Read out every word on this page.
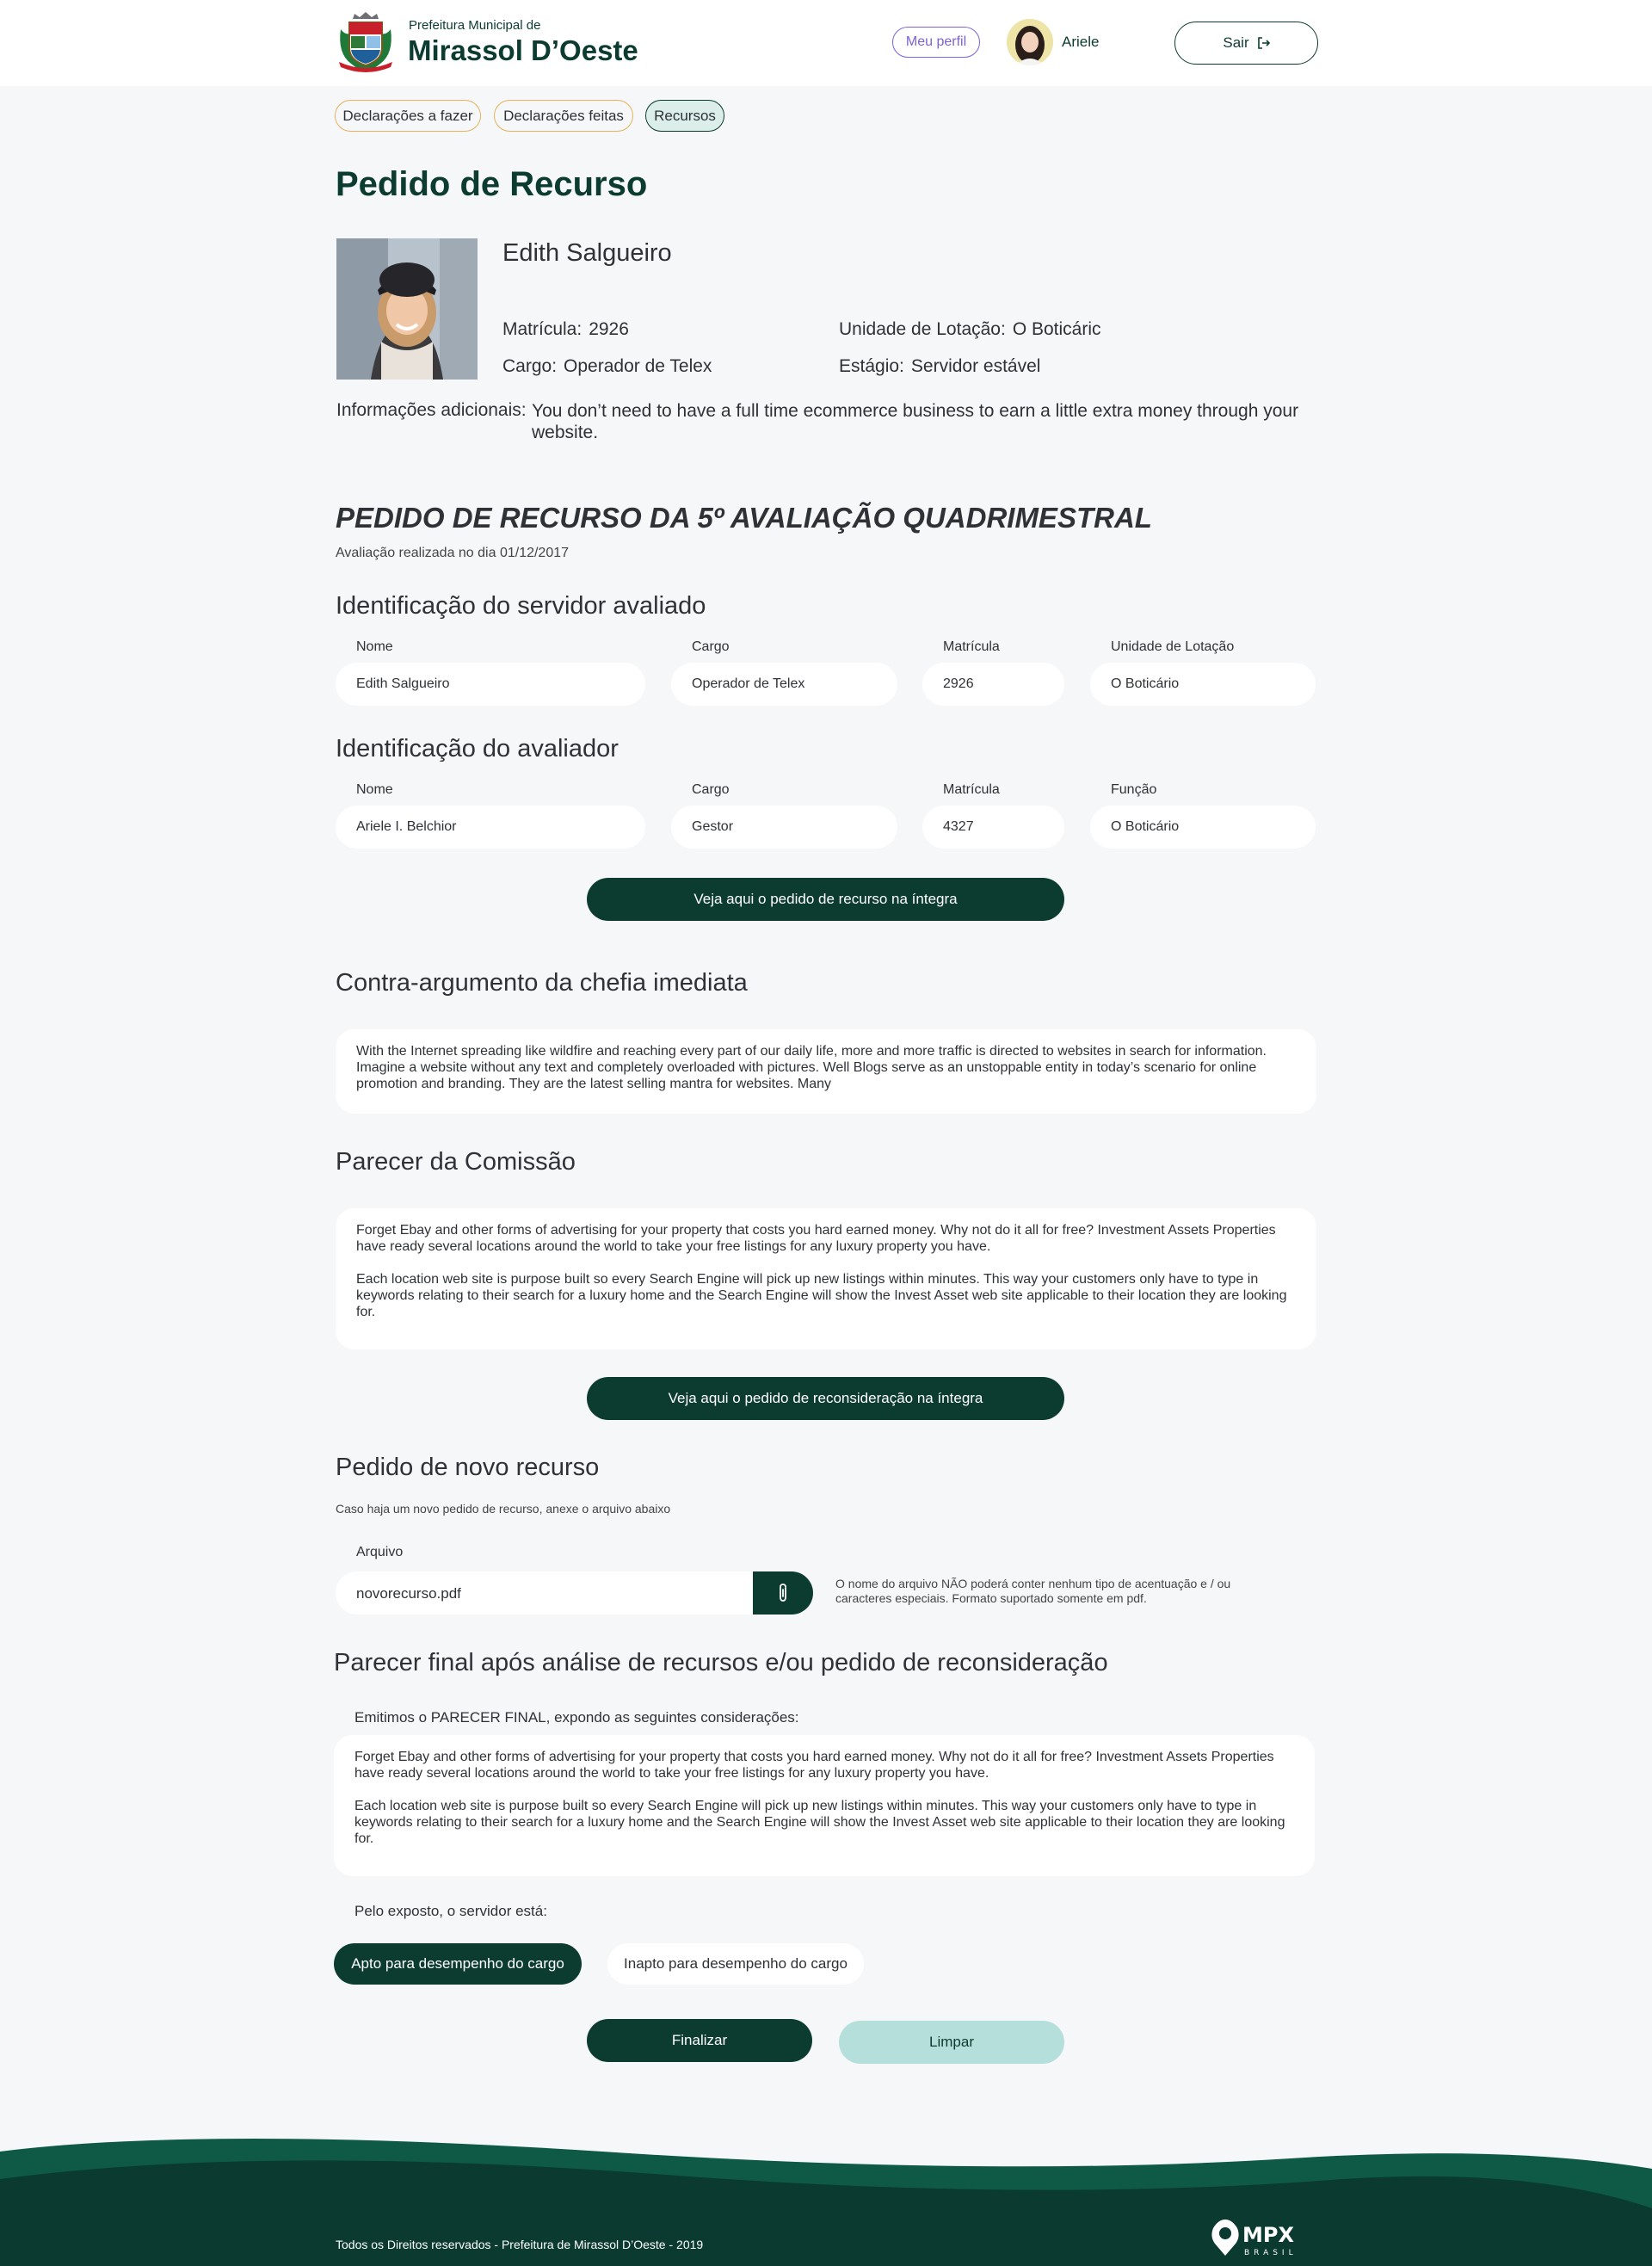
Prefeitura Municipal de
Mirassol D’Oeste	Meu perfil	Ariele	Sair
Declarações a fazer	Declarações feitas	Recursos
Pedido de Recurso
Edith Salgueiro
Matrícula: 2926	Unidade de Lotação: O Boticáric
Cargo: Operador de Telex	Estágio: Servidor estável
Informações adicionais: You don’t need to have a full time ecommerce business to earn a little extra money through your website.
PEDIDO DE RECURSO DA 5º AVALIAÇÃO QUADRIMESTRAL
Avaliação realizada no dia 01/12/2017
Identificação do servidor avaliado
Nome	Cargo	Matrícula	Unidade de Lotação
Edith Salgueiro	Operador de Telex	2926	O Boticário
Identificação do avaliador
Nome	Cargo	Matrícula	Função
Ariele I. Belchior	Gestor	4327	O Boticário
Veja aqui o pedido de recurso na íntegra
Contra-argumento da chefia imediata

With the Internet spreading like wildfire and reaching every part of our daily life, more and more traffic is directed to websites in search for information. Imagine a website without any text and completely overloaded with pictures. Well Blogs serve as an unstoppable entity in today’s scenario for online promotion and branding. They are the latest selling mantra for websites. Many

Parecer da Comissão

Forget Ebay and other forms of advertising for your property that costs you hard earned money. Why not do it all for free? Investment Assets Properties have ready several locations around the world to take your free listings for any luxury property you have.

Each location web site is purpose built so every Search Engine will pick up new listings within minutes. This way your customers only have to type in keywords relating to their search for a luxury home and the Search Engine will show the Invest Asset web site applicable to their location they are looking for.

Veja aqui o pedido de reconsideração na íntegra
Pedido de novo recurso
Caso haja um novo pedido de recurso, anexe o arquivo abaixo
Arquivo
novorecurso.pdf
O nome do arquivo NÃO poderá conter nenhum tipo de acentuação e / ou caracteres especiais. Formato suportado somente em pdf.
Parecer final após análise de recursos e/ou pedido de reconsideração
Emitimos o PARECER FINAL, expondo as seguintes considerações:

Forget Ebay and other forms of advertising for your property that costs you hard earned money. Why not do it all for free? Investment Assets Properties have ready several locations around the world to take your free listings for any luxury property you have.

Each location web site is purpose built so every Search Engine will pick up new listings within minutes. This way your customers only have to type in keywords relating to their search for a luxury home and the Search Engine will show the Invest Asset web site applicable to their location they are looking for.

Pelo exposto, o servidor está:
Apto para desempenho do cargo	Inapto para desempenho do cargo
Finalizar	Limpar
Todos os Direitos reservados - Prefeitura de Mirassol D’Oeste - 2019	MPX
BRASIL
